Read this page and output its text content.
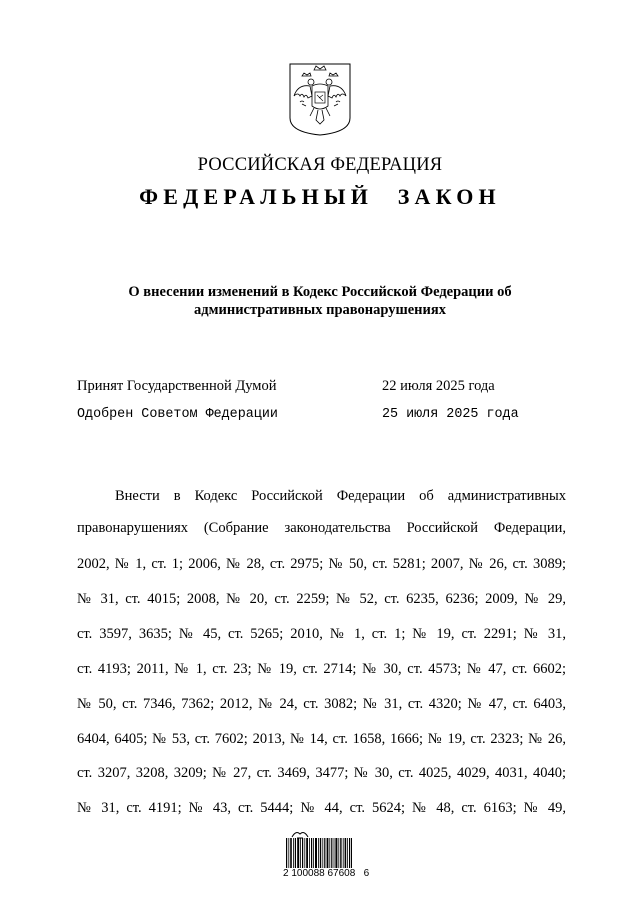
РОССИЙСКАЯ ФЕДЕРАЦИЯ
ФЕДЕРАЛЬНЫЙ ЗАКОН
О внесении изменений в Кодекс Российской Федерации об
административных правонарушениях
Принят Государственной Думой	22 июля 2025 года
Одобрен Советом Федерации	25 июля 2025 года
Внести в Кодекс Российской Федерации об административных
правонарушениях (Собрание законодательства Российской Федерации,
2002, № 1, ст. 1; 2006, № 28, ст. 2975; № 50, ст. 5281; 2007, № 26, ст. 3089;
№ 31, ст. 4015; 2008, № 20, ст. 2259; № 52, ст. 6235, 6236; 2009, № 29,
ст. 3597, 3635; № 45, ст. 5265; 2010, № 1, ст. 1; № 19, ст. 2291; № 31,
ст. 4193; 2011, № 1, ст. 23; № 19, ст. 2714; № 30, ст. 4573; № 47, ст. 6602;
№ 50, ст. 7346, 7362; 2012, № 24, ст. 3082; № 31, ст. 4320; № 47, ст. 6403,
6404, 6405; № 53, ст. 7602; 2013, № 14, ст. 1658, 1666; № 19, ст. 2323; № 26,
ст. 3207, 3208, 3209; № 27, ст. 3469, 3477; № 30, ст. 4025, 4029, 4031, 4040;
№ 31, ст. 4191; № 43, ст. 5444; № 44, ст. 5624; № 48, ст. 6163; № 49,
2 100088 67608   6
